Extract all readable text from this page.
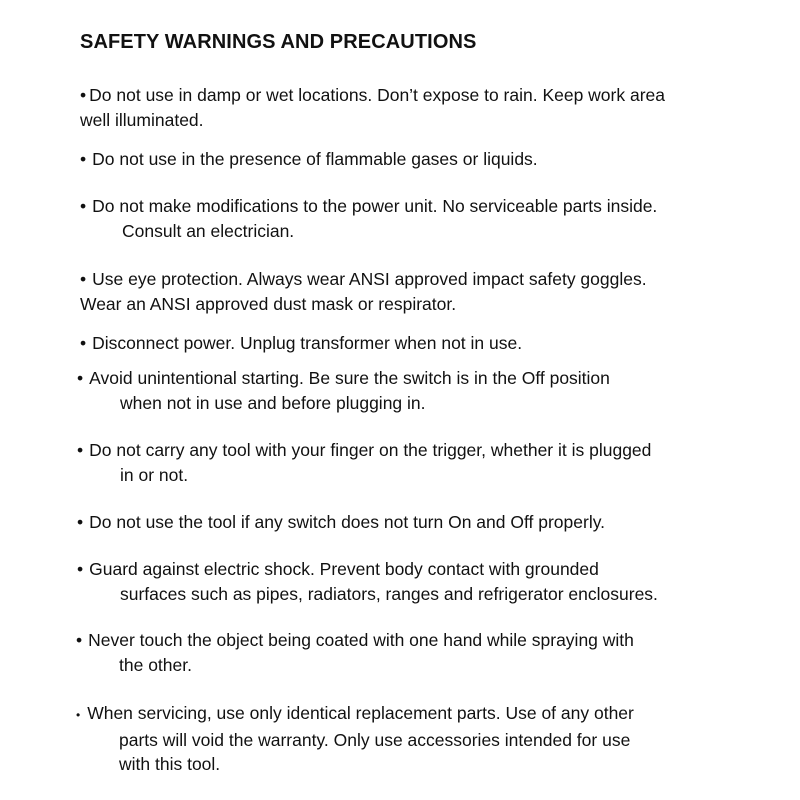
SAFETY WARNINGS AND PRECAUTIONS
• Do not use in damp or wet locations. Don’t expose to rain. Keep work area
well illuminated.
• Do not use in the presence of flammable gases or liquids.
• Do not make modifications to the power unit. No serviceable parts inside.
Consult an electrician.
• Use eye protection. Always wear ANSI approved impact safety goggles.
Wear an ANSI approved dust mask or respirator.
• Disconnect power. Unplug transformer when not in use.
• Avoid unintentional starting. Be sure the switch is in the Off position
when not in use and before plugging in.
• Do not carry any tool with your finger on the trigger, whether it is plugged
in or not.
• Do not use the tool if any switch does not turn On and Off properly.
• Guard against electric shock. Prevent body contact with grounded
surfaces such as pipes, radiators, ranges and refrigerator enclosures.
• Never touch the object being coated with one hand while spraying with
the other.
• When servicing, use only identical replacement parts. Use of any other
parts will void the warranty. Only use accessories intended for use
with this tool.
